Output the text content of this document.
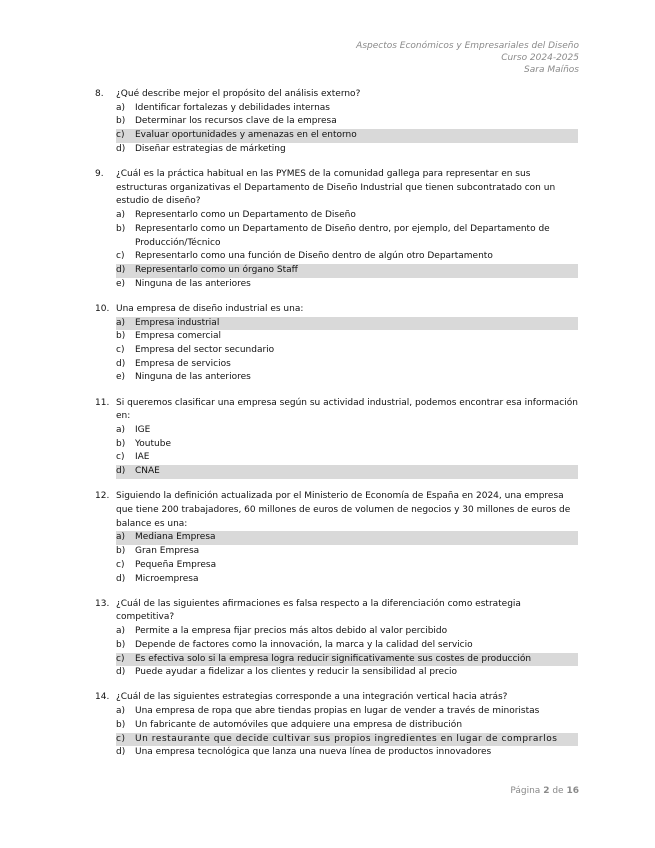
Aspectos Económicos y Empresariales del Diseño
Curso 2024-2025
Sara Maíños
8. ¿Qué describe mejor el propósito del análisis externo?
a) Identificar fortalezas y debilidades internas
b) Determinar los recursos clave de la empresa
c) Evaluar oportunidades y amenazas en el entorno
d) Diseñar estrategias de márketing
9. ¿Cuál es la práctica habitual en las PYMES de la comunidad gallega para representar en sus estructuras organizativas el Departamento de Diseño Industrial que tienen subcontratado con un estudio de diseño?
a) Representarlo como un Departamento de Diseño
b) Representarlo como un Departamento de Diseño dentro, por ejemplo, del Departamento de Producción/Técnico
c) Representarlo como una función de Diseño dentro de algún otro Departamento
d) Representarlo como un órgano Staff
e) Ninguna de las anteriores
10. Una empresa de diseño industrial es una:
a) Empresa industrial
b) Empresa comercial
c) Empresa del sector secundario
d) Empresa de servicios
e) Ninguna de las anteriores
11. Si queremos clasificar una empresa según su actividad industrial, podemos encontrar esa información en:
a) IGE
b) Youtube
c) IAE
d) CNAE
12. Siguiendo la definición actualizada por el Ministerio de Economía de España en 2024, una empresa que tiene 200 trabajadores, 60 millones de euros de volumen de negocios y 30 millones de euros de balance es una:
a) Mediana Empresa
b) Gran Empresa
c) Pequeña Empresa
d) Microempresa
13. ¿Cuál de las siguientes afirmaciones es falsa respecto a la diferenciación como estrategia competitiva?
a) Permite a la empresa fijar precios más altos debido al valor percibido
b) Depende de factores como la innovación, la marca y la calidad del servicio
c) Es efectiva solo si la empresa logra reducir significativamente sus costes de producción
d) Puede ayudar a fidelizar a los clientes y reducir la sensibilidad al precio
14. ¿Cuál de las siguientes estrategias corresponde a una integración vertical hacia atrás?
a) Una empresa de ropa que abre tiendas propias en lugar de vender a través de minoristas
b) Un fabricante de automóviles que adquiere una empresa de distribución
c) Un restaurante que decide cultivar sus propios ingredientes en lugar de comprarlos
d) Una empresa tecnológica que lanza una nueva línea de productos innovadores
Página 2 de 16
